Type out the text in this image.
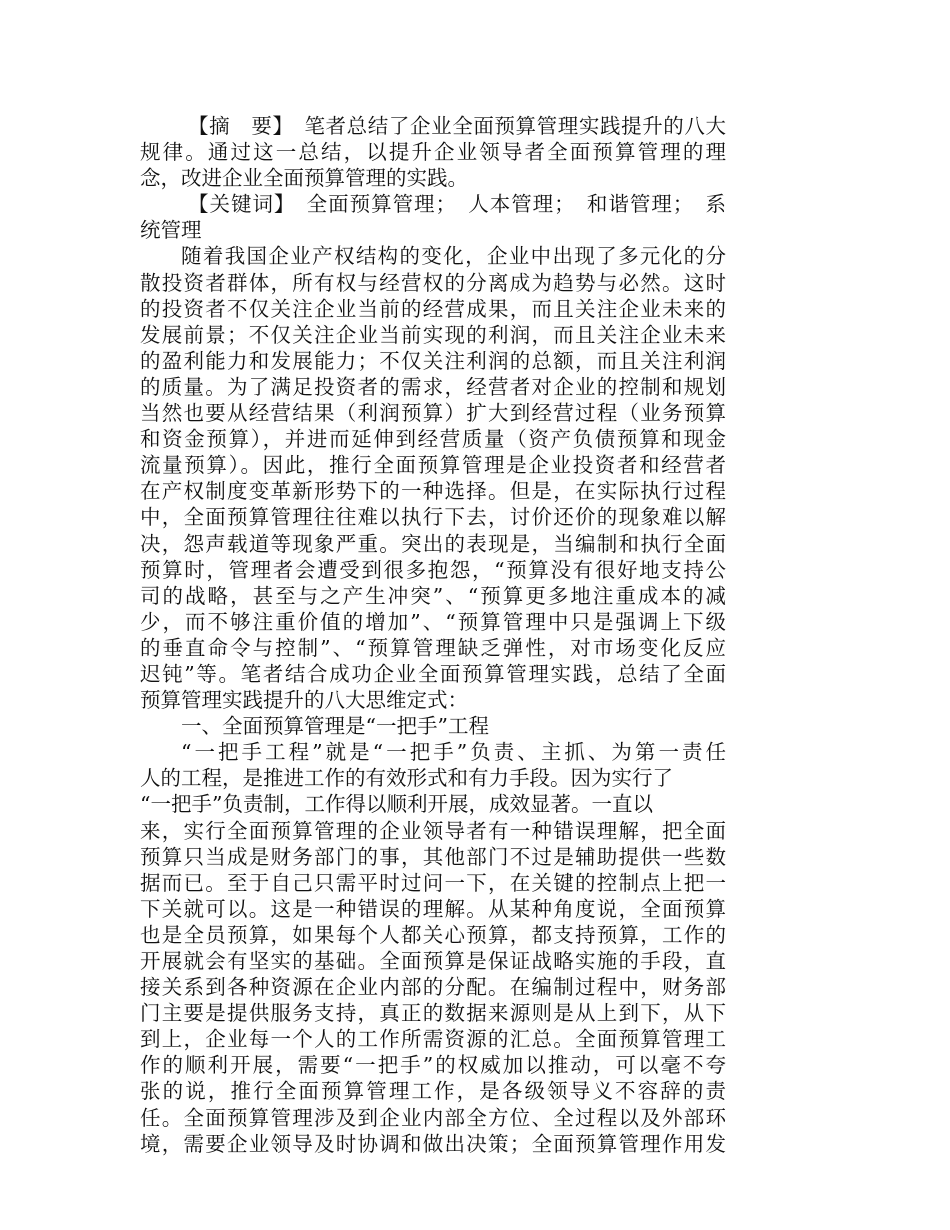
【摘　要】　 笔者总结了企业全面预算管理实践提升的八大
规律。通过这一总结，以提升企业领导者全面预算管理的理
念，改进企业全面预算管理的实践。
【关键词】　 全面预算管理；　人本管理；　和谐管理；　系
统管理
随着我国企业产权结构的变化，企业中出现了多元化的分
散投资者群体，所有权与经营权的分离成为趋势与必然。这时
的投资者不仅关注企业当前的经营成果，而且关注企业未来的
发展前景；不仅关注企业当前实现的利润，而且关注企业未来
的盈利能力和发展能力；不仅关注利润的总额，而且关注利润
的质量。为了满足投资者的需求，经营者对企业的控制和规划
当然也要从经营结果（利润预算）扩大到经营过程（业务预算
和资金预算），并进而延伸到经营质量（资产负债预算和现金
流量预算）。因此，推行全面预算管理是企业投资者和经营者
在产权制度变革新形势下的一种选择。但是，在实际执行过程
中，全面预算管理往往难以执行下去，讨价还价的现象难以解
决，怨声载道等现象严重。突出的表现是，当编制和执行全面
预算时，管理者会遭受到很多抱怨，“预算没有很好地支持公
司的战略，甚至与之产生冲突”、“预算更多地注重成本的减
少，而不够注重价值的增加”、“预算管理中只是强调上下级
的垂直命令与控制”、“预算管理缺乏弹性，对市场变化反应
迟钝”等。笔者结合成功企业全面预算管理实践，总结了全面
预算管理实践提升的八大思维定式：
一、全面预算管理是“一把手”工程
“一把手工程”就是“一把手”负责、主抓、为第一责任
人的工程，是推进工作的有效形式和有力手段。因为实行了
“一把手”负责制，工作得以顺利开展，成效显著。一直以
来，实行全面预算管理的企业领导者有一种错误理解，把全面
预算只当成是财务部门的事，其他部门不过是辅助提供一些数
据而已。至于自己只需平时过问一下，在关键的控制点上把一
下关就可以。这是一种错误的理解。从某种角度说，全面预算
也是全员预算，如果每个人都关心预算，都支持预算，工作的
开展就会有坚实的基础。全面预算是保证战略实施的手段，直
接关系到各种资源在企业内部的分配。在编制过程中，财务部
门主要是提供服务支持，真正的数据来源则是从上到下，从下
到上，企业每一个人的工作所需资源的汇总。全面预算管理工
作的顺利开展，需要“一把手”的权威加以推动，可以毫不夸
张的说，推行全面预算管理工作，是各级领导义不容辞的责
任。全面预算管理涉及到企业内部全方位、全过程以及外部环
境，需要企业领导及时协调和做出决策；全面预算管理作用发
